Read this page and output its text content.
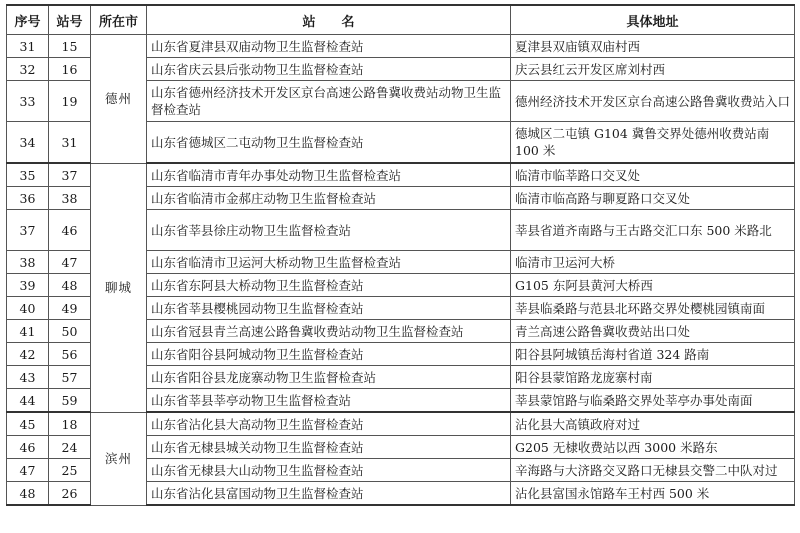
序号	站号	所在市	站　　名	具体地址
31	15	德州	山东省夏津县双庙动物卫生监督检查站	夏津县双庙镇双庙村西
32	16		山东省庆云县后张动物卫生监督检查站	庆云县红云开发区席刘村西
33	19		山东省德州经济技术开发区京台高速公路鲁冀收费站动物卫生监督检查站	德州经济技术开发区京台高速公路鲁冀收费站入口
34	31		山东省德城区二屯动物卫生监督检查站	德城区二屯镇 G104 冀鲁交界处德州收费站南 100 米
35	37	聊城	山东省临清市青年办事处动物卫生监督检查站	临清市临莘路口交叉处
36	38		山东省临清市金郝庄动物卫生监督检查站	临清市临高路与聊夏路口交叉处
37	46		山东省莘县徐庄动物卫生监督检查站	莘县省道齐南路与王古路交汇口东 500 米路北
38	47		山东省临清市卫运河大桥动物卫生监督检查站	临清市卫运河大桥
39	48		山东省东阿县大桥动物卫生监督检查站	G105 东阿县黄河大桥西
40	49		山东省莘县樱桃园动物卫生监督检查站	莘县临桑路与范县北环路交界处樱桃园镇南面
41	50		山东省冠县青兰高速公路鲁冀收费站动物卫生监督检查站	青兰高速公路鲁冀收费站出口处
42	56		山东省阳谷县阿城动物卫生监督检查站	阳谷县阿城镇岳海村省道 324 路南
43	57		山东省阳谷县龙庞寨动物卫生监督检查站	阳谷县蒙馆路龙庞寨村南
44	59		山东省莘县莘亭动物卫生监督检查站	莘县蒙馆路与临桑路交界处莘亭办事处南面
45	18	滨州	山东省沾化县大高动物卫生监督检查站	沾化县大高镇政府对过
46	24		山东省无棣县城关动物卫生监督检查站	G205 无棣收费站以西 3000 米路东
47	25		山东省无棣县大山动物卫生监督检查站	辛海路与大济路交叉路口无棣县交警二中队对过
48	26		山东省沾化县富国动物卫生监督检查站	沾化县富国永馆路车王村西 500 米
